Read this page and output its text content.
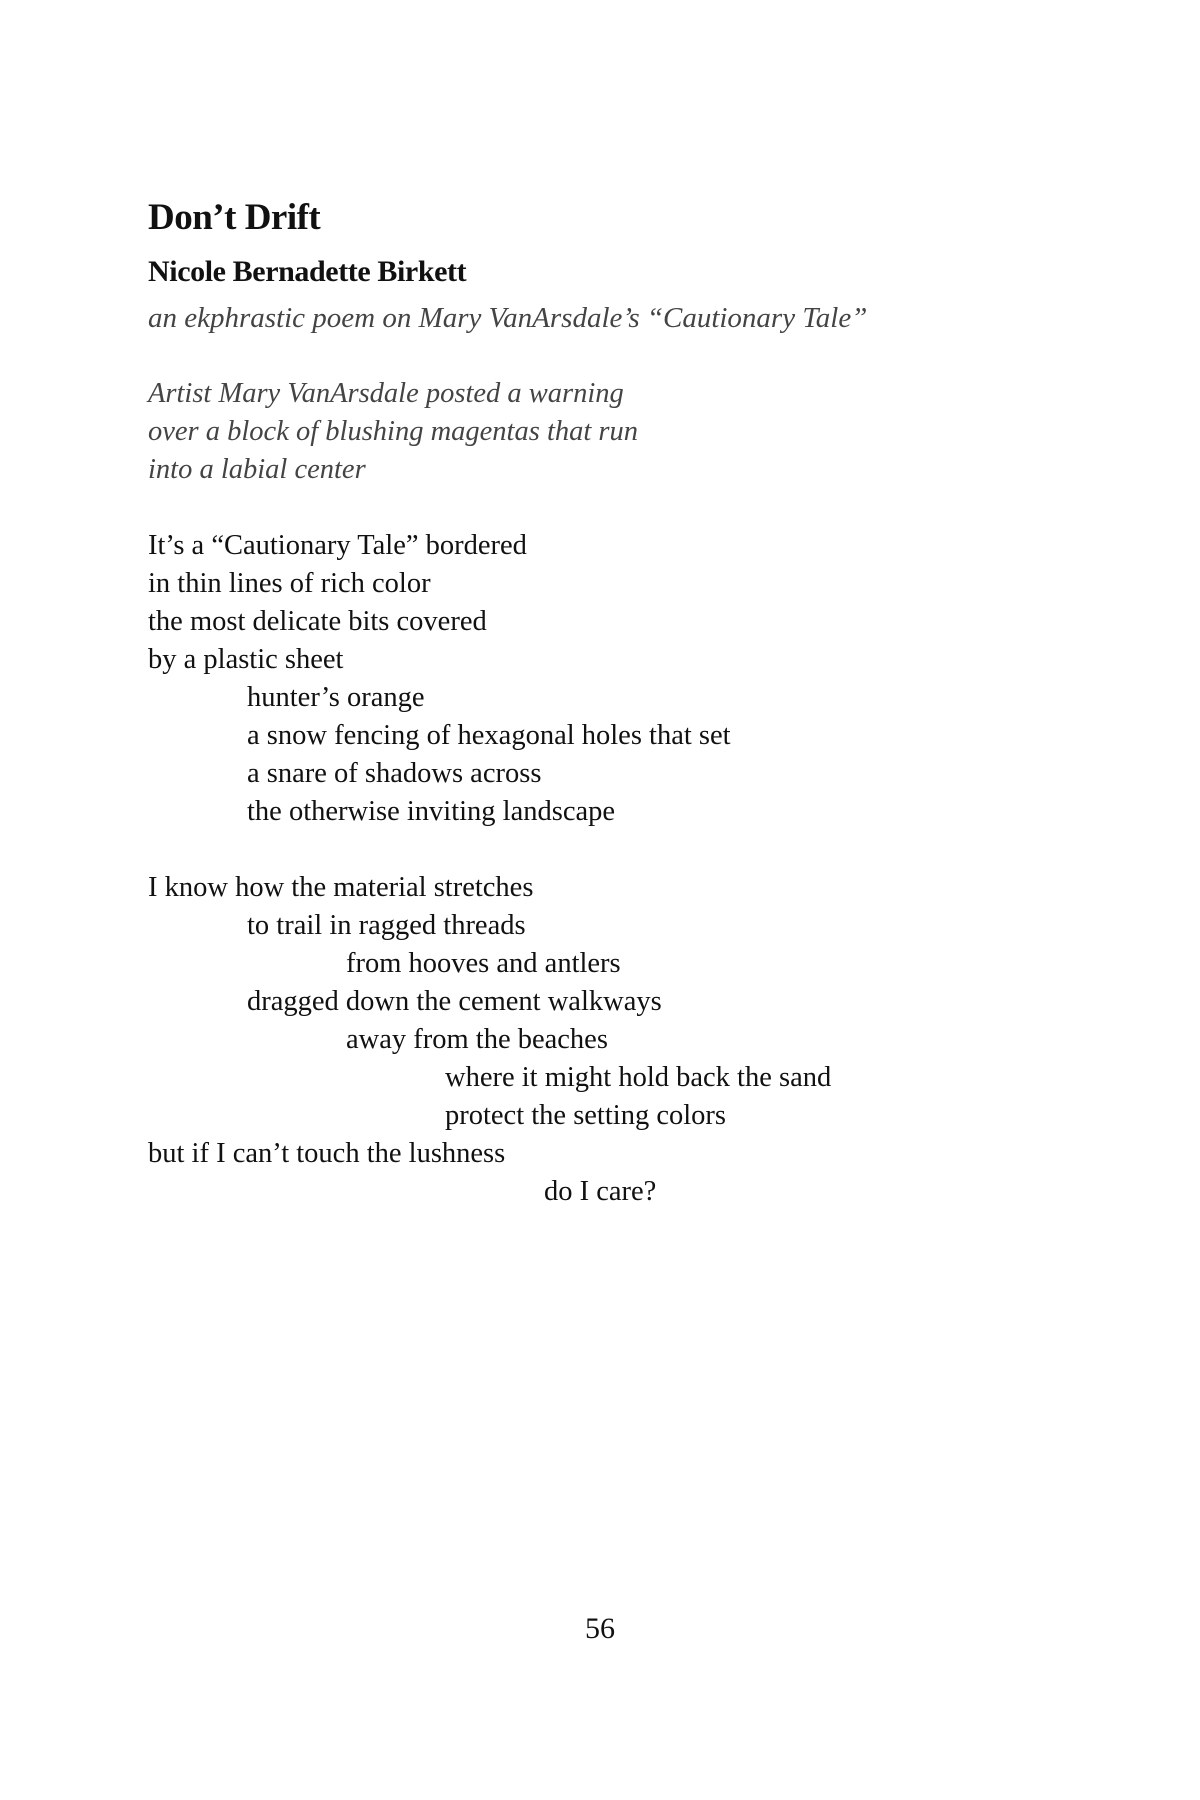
Don’t Drift
Nicole Bernadette Birkett

an ekphrastic poem on Mary VanArsdale’s “Cautionary Tale”

Artist Mary VanArsdale posted a warning
over a block of blushing magentas that run
into a labial center
It’s a “Cautionary Tale” bordered
in thin lines of rich color
the most delicate bits covered
by a plastic sheet
hunter’s orange
a snow fencing of hexagonal holes that set
a snare of shadows across
the otherwise inviting landscape
I know how the material stretches
to trail in ragged threads
from hooves and antlers
dragged down the cement walkways
away from the beaches
where it might hold back the sand
protect the setting colors
but if I can’t touch the lushness
do I care?
56
